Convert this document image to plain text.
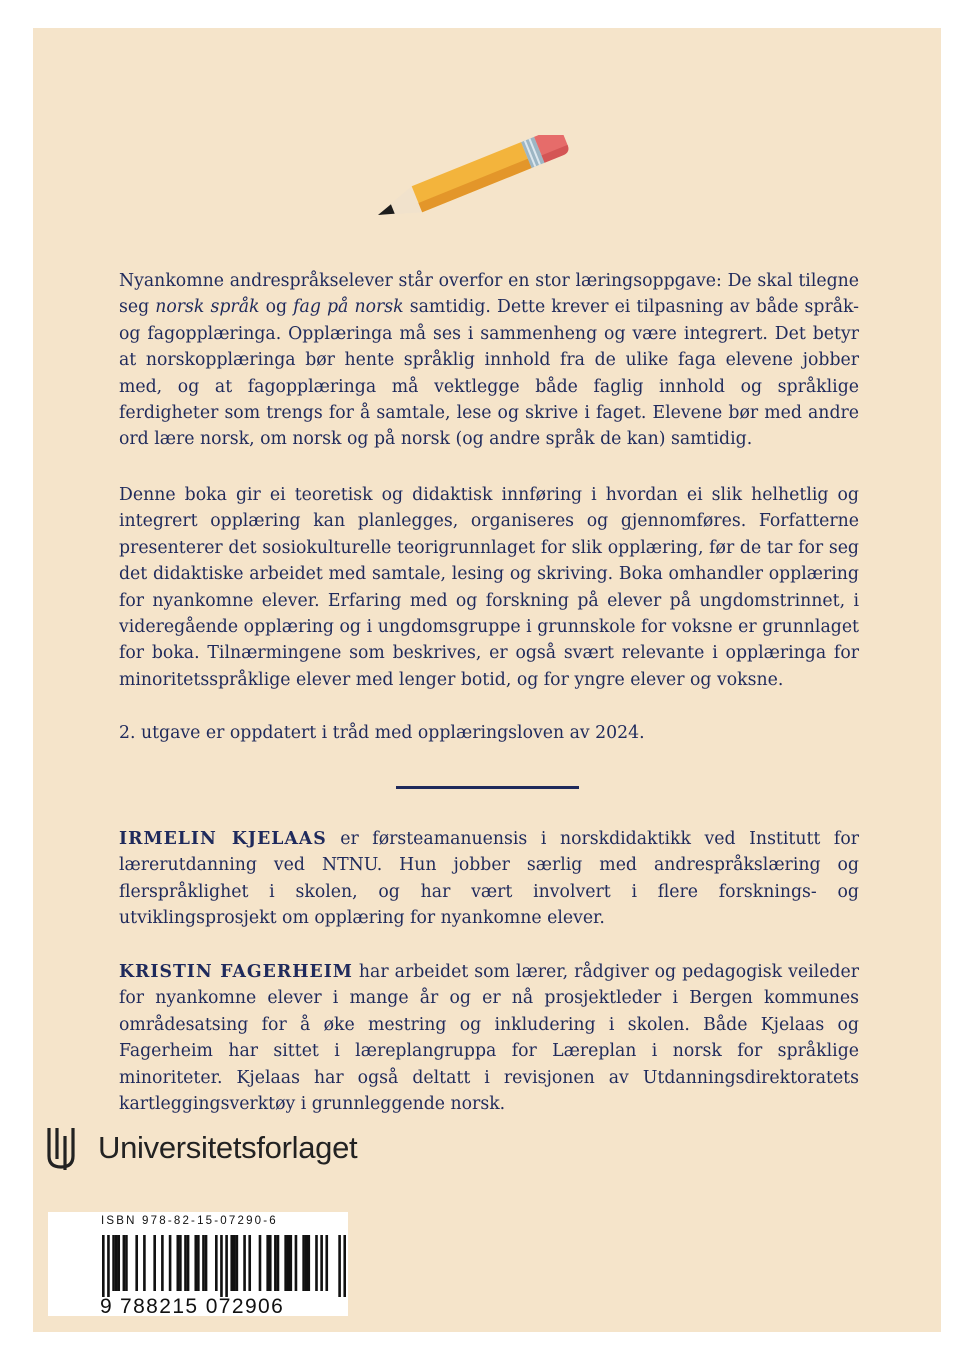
Nyankomne andrespråkselever står overfor en stor læringsoppgave: De skal tilegne seg norsk språk og fag på norsk samtidig. Dette krever ei tilpasning av både språk- og fagopplæringa. Opplæringa må ses i sammenheng og være integrert. Det betyr at norskopplæringa bør hente språklig innhold fra de ulike faga elevene jobber med, og at fagopplæringa må vektlegge både faglig innhold og språklige ferdigheter som trengs for å samtale, lese og skrive i faget. Elevene bør med andre ord lære norsk, om norsk og på norsk (og andre språk de kan) samtidig.

Denne boka gir ei teoretisk og didaktisk innføring i hvordan ei slik helhetlig og integrert opplæring kan planlegges, organiseres og gjennomføres. Forfatterne presenterer det sosiokulturelle teorigrunnlaget for slik opplæring, før de tar for seg det didaktiske arbeidet med samtale, lesing og skriving. Boka omhandler opplæring for nyankomne elever. Erfaring med og forskning på elever på ungdomstrinnet, i videregående opplæring og i ungdomsgruppe i grunnskole for voksne er grunnlaget for boka. Tilnærmingene som beskrives, er også svært relevante i opplæringa for minoritetsspråklige elever med lenger botid, og for yngre elever og voksne.

2. utgave er oppdatert i tråd med opplæringsloven av 2024.

IRMELIN KJELAAS er førsteamanuensis i norskdidaktikk ved Institutt for lærerutdanning ved NTNU. Hun jobber særlig med andrespråkslæring og flerspråklighet i skolen, og har vært involvert i flere forsknings- og utviklingsprosjekt om opplæring for nyankomne elever.

KRISTIN FAGERHEIM har arbeidet som lærer, rådgiver og pedagogisk veileder for nyankomne elever i mange år og er nå prosjektleder i Bergen kommunes områdesatsing for å øke mestring og inkludering i skolen. Både Kjelaas og Fagerheim har sittet i læreplangruppa for Læreplan i norsk for språklige minoriteter. Kjelaas har også deltatt i revisjonen av Utdanningsdirektoratets kartleggingsverktøy i grunnleggende norsk.

Universitetsforlaget
ISBN 978-82-15-07290-6
9 788215 072906
